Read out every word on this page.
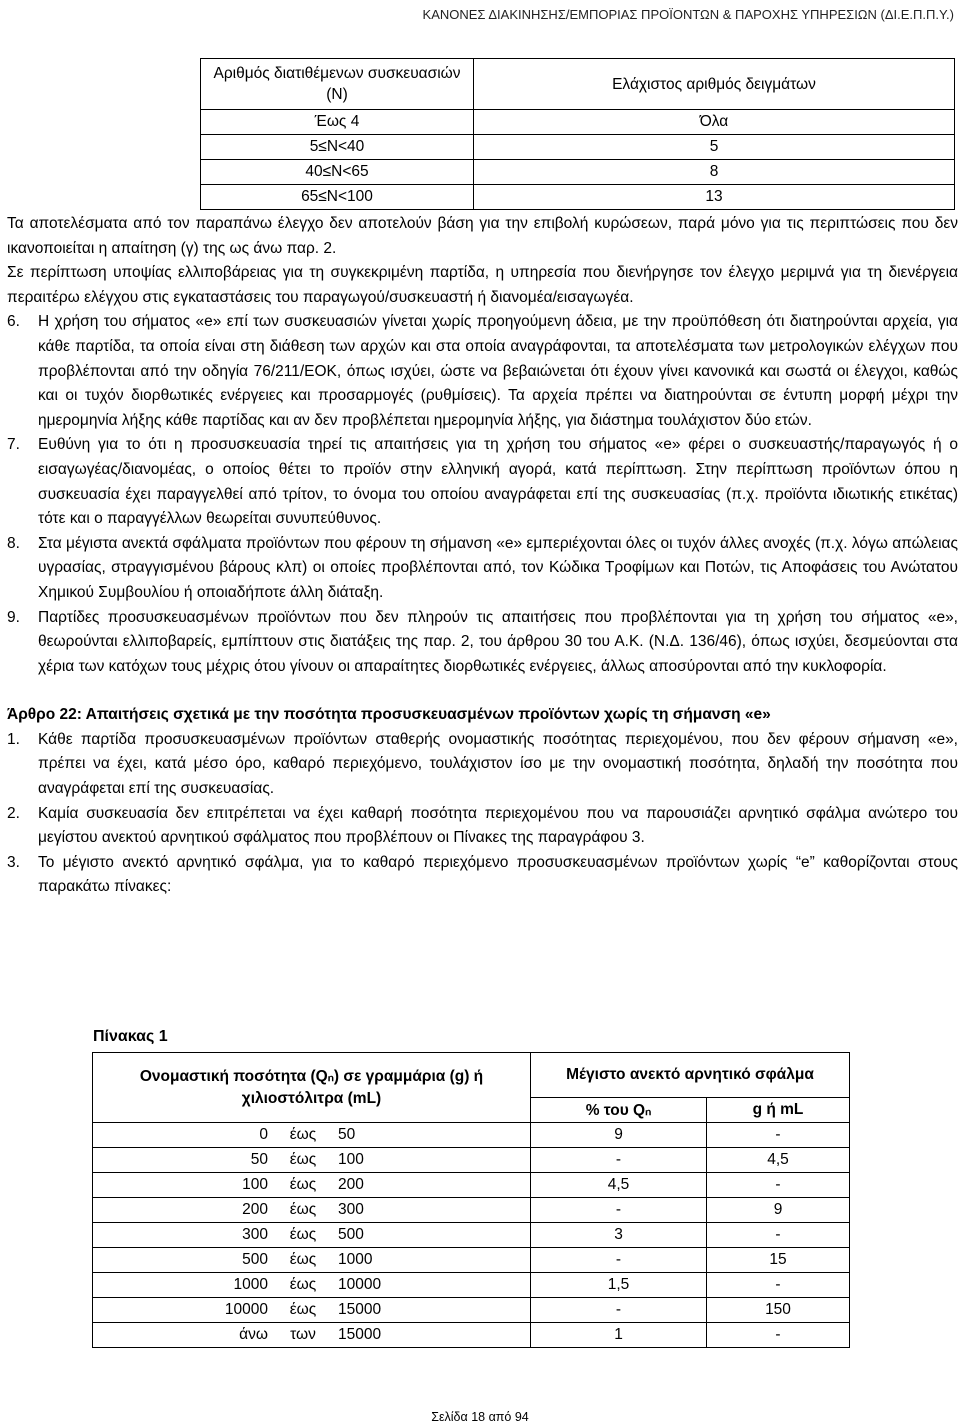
ΚΑΝΟΝΕΣ ΔΙΑΚΙΝΗΣΗΣ/ΕΜΠΟΡΙΑΣ ΠΡΟΪΟΝΤΩΝ & ΠΑΡΟΧΗΣ ΥΠΗΡΕΣΙΩΝ (ΔΙ.Ε.Π.Π.Υ.)
Αριθμός διατιθέμενων συσκευασιών (Ν)	Ελάχιστος αριθμός δειγμάτων
Έως 4	Όλα
5≤Ν<40	5
40≤Ν<65	8
65≤Ν<100	13

Τα αποτελέσματα από τον παραπάνω έλεγχο δεν αποτελούν βάση για την επιβολή κυρώσεων, παρά μόνο για τις περιπτώσεις που δεν ικανοποιείται η απαίτηση (γ) της ως άνω παρ. 2.

Σε περίπτωση υποψίας ελλιποβάρειας για τη συγκεκριμένη παρτίδα, η υπηρεσία που διενήργησε τον έλεγχο μεριμνά για τη διενέργεια περαιτέρω ελέγχου στις εγκαταστάσεις του παραγωγού/συσκευαστή ή διανομέα/εισαγωγέα.

6. Η χρήση του σήματος «e» επί των συσκευασιών γίνεται χωρίς προηγούμενη άδεια, με την προϋπόθεση ότι διατηρούνται αρχεία, για κάθε παρτίδα, τα οποία είναι στη διάθεση των αρχών και στα οποία αναγράφονται, τα αποτελέσματα των μετρολογικών ελέγχων που προβλέπονται από την οδηγία 76/211/ΕΟΚ, όπως ισχύει, ώστε να βεβαιώνεται ότι έχουν γίνει κανονικά και σωστά οι έλεγχοι, καθώς και οι τυχόν διορθωτικές ενέργειες και προσαρμογές (ρυθμίσεις). Τα αρχεία πρέπει να διατηρούνται σε έντυπη μορφή μέχρι την ημερομηνία λήξης κάθε παρτίδας και αν δεν προβλέπεται ημερομηνία λήξης, για διάστημα τουλάχιστον δύο ετών.

7. Ευθύνη για το ότι η προσυσκευασία τηρεί τις απαιτήσεις για τη χρήση του σήματος «e» φέρει ο συσκευαστής/παραγωγός ή ο εισαγωγέας/διανομέας, ο οποίος θέτει το προϊόν στην ελληνική αγορά, κατά περίπτωση. Στην περίπτωση προϊόντων όπου η συσκευασία έχει παραγγελθεί από τρίτον, το όνομα του οποίου αναγράφεται επί της συσκευασίας (π.χ. προϊόντα ιδιωτικής ετικέτας) τότε και ο παραγγέλλων θεωρείται συνυπεύθυνος.

8. Στα μέγιστα ανεκτά σφάλματα προϊόντων που φέρουν τη σήμανση «e» εμπεριέχονται όλες οι τυχόν άλλες ανοχές (π.χ. λόγω απώλειας υγρασίας, στραγγισμένου βάρους κλπ) οι οποίες προβλέπονται από, τον Κώδικα Τροφίμων και Ποτών, τις Αποφάσεις του Ανώτατου Χημικού Συμβουλίου ή οποιαδήποτε άλλη διάταξη.

9. Παρτίδες προσυσκευασμένων προϊόντων που δεν πληρούν τις απαιτήσεις που προβλέπονται για τη χρήση του σήματος «e», θεωρούνται ελλιποβαρείς, εμπίπτουν στις διατάξεις της παρ. 2, του άρθρου 30 του Α.Κ. (Ν.Δ. 136/46), όπως ισχύει, δεσμεύονται στα χέρια των κατόχων τους μέχρις ότου γίνουν οι απαραίτητες διορθωτικές ενέργειες, άλλως αποσύρονται από την κυκλοφορία.

Άρθρο 22: Απαιτήσεις σχετικά με την ποσότητα προσυσκευασμένων προϊόντων χωρίς τη σήμανση «e»

1. Κάθε παρτίδα προσυσκευασμένων προϊόντων σταθερής ονομαστικής ποσότητας περιεχομένου, που δεν φέρουν σήμανση «e», πρέπει να έχει, κατά μέσο όρο, καθαρό περιεχόμενο, τουλάχιστον ίσο με την ονομαστική ποσότητα, δηλαδή την ποσότητα που αναγράφεται επί της συσκευασίας.

2. Καμία συσκευασία δεν επιτρέπεται να έχει καθαρή ποσότητα περιεχομένου που να παρουσιάζει αρνητικό σφάλμα ανώτερο του μεγίστου ανεκτού αρνητικού σφάλματος που προβλέπουν οι Πίνακες της παραγράφου 3.

3. Το μέγιστο ανεκτό αρνητικό σφάλμα, για το καθαρό περιεχόμενο προσυσκευασμένων προϊόντων χωρίς “e” καθορίζονται στους παρακάτω πίνακες:

Πίνακας 1
Ονομαστική ποσότητα (Qₙ) σε γραμμάρια (g) ή χιλιοστόλιτρα (mL)	Μέγιστο ανεκτό αρνητικό σφάλμα	
	% του Qₙ	g ή mL

0 έως 50	9	-

50 έως 100	-	4,5

100 έως 200	4,5	-

200 έως 300	-	9

300 έως 500	3	-

500 έως 1000	-	15

1000 έως 10000	1,5	-

10000 έως 15000	-	150

άνω των 15000	1	-
Σελίδα 18 από 94
